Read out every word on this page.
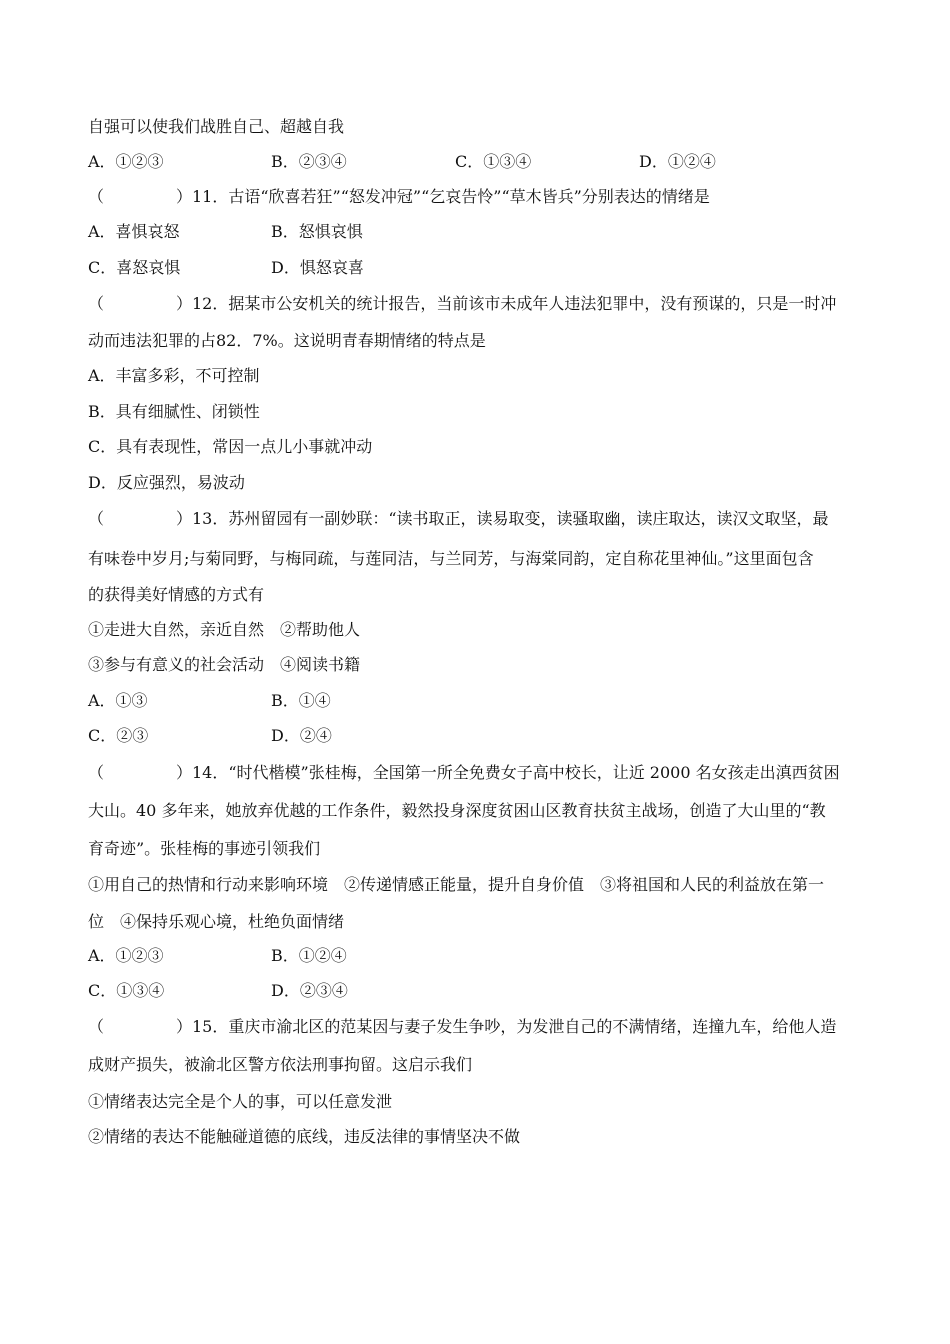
自强可以使我们战胜自己、超越自我
A．①②③	B．②③④	C．①③④	D．①②④
（	）11．古语“欣喜若狂”“怒发冲冠”“乞哀告怜”“草木皆兵”分别表达的情绪是
A．喜惧哀怒	B．怒惧哀惧
C．喜怒哀惧	D．惧怒哀喜
（	）12．据某市公安机关的统计报告，当前该市未成年人违法犯罪中，没有预谋的，只是一时冲
动而违法犯罪的占82．7%。这说明青春期情绪的特点是
A．丰富多彩，不可控制
B．具有细腻性、闭锁性
C．具有表现性，常因一点儿小事就冲动
D．反应强烈，易波动
（	）13．苏州留园有一副妙联：“读书取正，读易取变，读骚取幽，读庄取达，读汉文取坚，最
有味卷中岁月;与菊同野，与梅同疏，与莲同洁，与兰同芳，与海棠同韵，定自称花里神仙。”这里面包含
的获得美好情感的方式有
①走进大自然，亲近自然　②帮助他人
③参与有意义的社会活动　④阅读书籍
A．①③	B．①④
C．②③	D．②④
（	）14．“时代楷模”张桂梅，全国第一所全免费女子高中校长，让近 2000 名女孩走出滇西贫困
大山。40 多年来，她放弃优越的工作条件，毅然投身深度贫困山区教育扶贫主战场，创造了大山里的“教
育奇迹”。张桂梅的事迹引领我们
①用自己的热情和行动来影响环境　②传递情感正能量，提升自身价值　③将祖国和人民的利益放在第一
位　④保持乐观心境，杜绝负面情绪
A．①②③	B．①②④
C．①③④	D．②③④
（	）15．重庆市渝北区的范某因与妻子发生争吵，为发泄自己的不满情绪，连撞九车，给他人造
成财产损失，被渝北区警方依法刑事拘留。这启示我们
①情绪表达完全是个人的事，可以任意发泄
②情绪的表达不能触碰道德的底线，违反法律的事情坚决不做
